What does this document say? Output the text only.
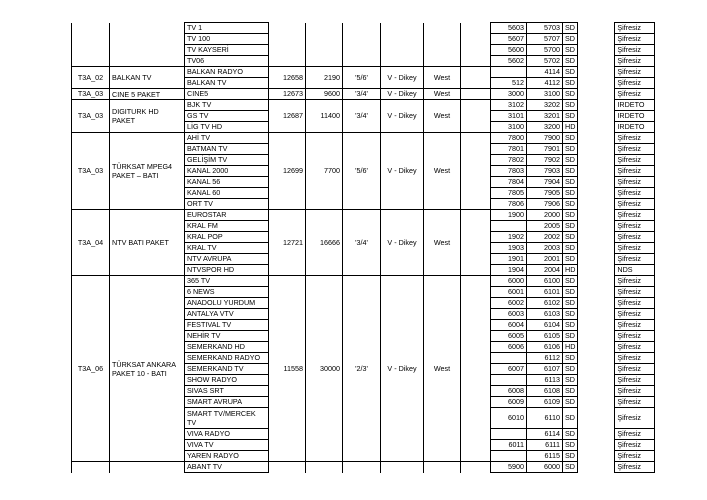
		TV 1							5603	5703	SD		Şifresiz
		TV 100							5607	5707	SD		Şifresiz
		TV KAYSERİ							5600	5700	SD		Şifresiz
		TV06							5602	5702	SD		Şifresiz
T3A_02	BALKAN TV	BALKAN RADYO	12658	2190	'5/6'	V - Dikey	West			4114	SD		Şifresiz
		BALKAN TV							512	4112	SD		Şifresiz
T3A_03	CINE 5 PAKET	CINE5	12673	9600	'3/4'	V - Dikey	West		3000	3100	SD		Şifresiz
T3A_03	DIGITURK HD PAKET	BJK TV	12687	11400	'3/4'	V - Dikey	West		3102	3202	SD		IRDETO
		GS TV							3101	3201	SD		IRDETO
		LİG TV HD							3100	3200	HD		IRDETO
T3A_03	TÜRKSAT MPEG4 PAKET – BATI	AHİ TV	12699	7700	'5/6'	V - Dikey	West		7800	7900	SD		Şifresiz
		BATMAN TV							7801	7901	SD		Şifresiz
		GELİŞİM TV							7802	7902	SD		Şifresiz
		KANAL 2000							7803	7903	SD		Şifresiz
		KANAL 56							7804	7904	SD		Şifresiz
		KANAL 60							7805	7905	SD		Şifresiz
		ORT TV							7806	7906	SD		Şifresiz
T3A_04	NTV BATI PAKET	EUROSTAR	12721	16666	'3/4'	V - Dikey	West		1900	2000	SD		Şifresiz
		KRAL FM								2005	SD		Şifresiz
		KRAL POP							1902	2002	SD		Şifresiz
		KRAL TV							1903	2003	SD		Şifresiz
		NTV AVRUPA							1901	2001	SD		Şifresiz
		NTVSPOR HD							1904	2004	HD		NDS
T3A_06	TÜRKSAT ANKARA PAKET 10 - BATI	365 TV	11558	30000	'2/3'	V - Dikey	West		6000	6100	SD		Şifresiz
		6 NEWS							6001	6101	SD		Şifresiz
		ANADOLU YURDUM							6002	6102	SD		Şifresiz
		ANTALYA VTV							6003	6103	SD		Şifresiz
		FESTIVAL TV							6004	6104	SD		Şifresiz
		NEHİR TV							6005	6105	SD		Şifresiz
		SEMERKAND HD							6006	6106	HD		Şifresiz
		SEMERKAND RADYO								6112	SD		Şifresiz
		SEMERKAND TV							6007	6107	SD		Şifresiz
		SHOW RADYO								6113	SD		Şifresiz
		SIVAS SRT							6008	6108	SD		Şifresiz
		SMART AVRUPA							6009	6109	SD		Şifresiz
		SMART TV/MERCEK TV							6010	6110	SD		Şifresiz
		VIVA RADYO								6114	SD		Şifresiz
		VIVA TV							6011	6111	SD		Şifresiz
		YAREN RADYO								6115	SD		Şifresiz
		ABANT TV							5900	6000	SD		Şifresiz
